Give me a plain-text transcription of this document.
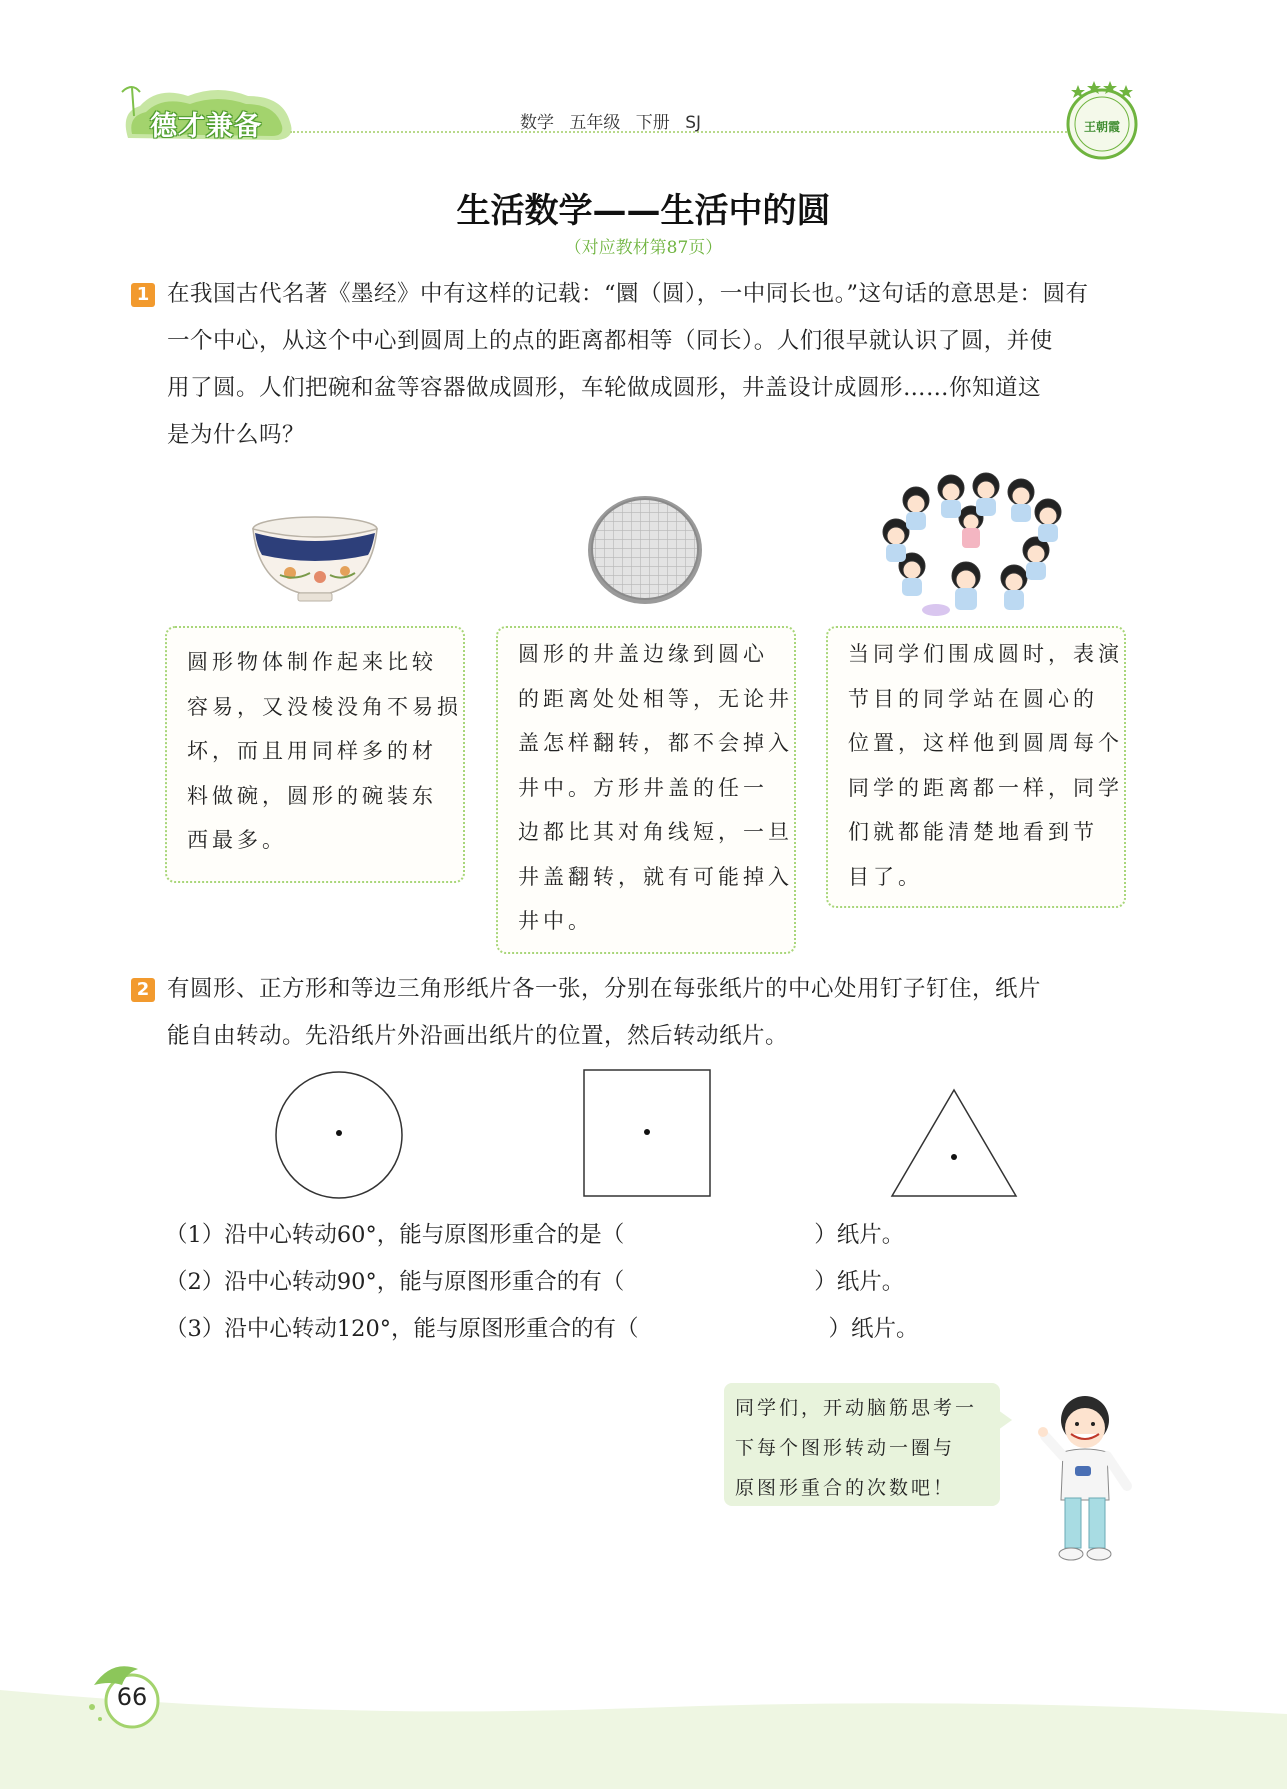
德才兼备	数学 五年级 下册 SJ	王朝霞
生活数学——生活中的圆
（对应教材第87页）
1 在我国古代名著《墨经》中有这样的记载：“圜（圆），一中同长也。”这句话的意思是：圆有

一个中心，从这个中心到圆周上的点的距离都相等（同长）。人们很早就认识了圆，并使

用了圆。人们把碗和盆等容器做成圆形，车轮做成圆形，井盖设计成圆形……你知道这

是为什么吗？

圆形物体制作起来比较

容易，又没棱没角不易损

坏，而且用同样多的材

料做碗，圆形的碗装东

西最多。

圆形的井盖边缘到圆心

的距离处处相等，无论井

盖怎样翻转，都不会掉入

井中。方形井盖的任一

边都比其对角线短，一旦

井盖翻转，就有可能掉入

井中。

当同学们围成圆时，表演

节目的同学站在圆心的

位置，这样他到圆周每个

同学的距离都一样，同学

们就都能清楚地看到节

目了。

2 有圆形、正方形和等边三角形纸片各一张，分别在每张纸片的中心处用钉子钉住，纸片

能自由转动。先沿纸片外沿画出纸片的位置，然后转动纸片。

（1）沿中心转动60°，能与原图形重合的是（	）纸片。
（2）沿中心转动90°，能与原图形重合的有（	）纸片。
（3）沿中心转动120°，能与原图形重合的有（	）纸片。

同学们，开动脑筋思考一

下每个图形转动一圈与

原图形重合的次数吧！

66
